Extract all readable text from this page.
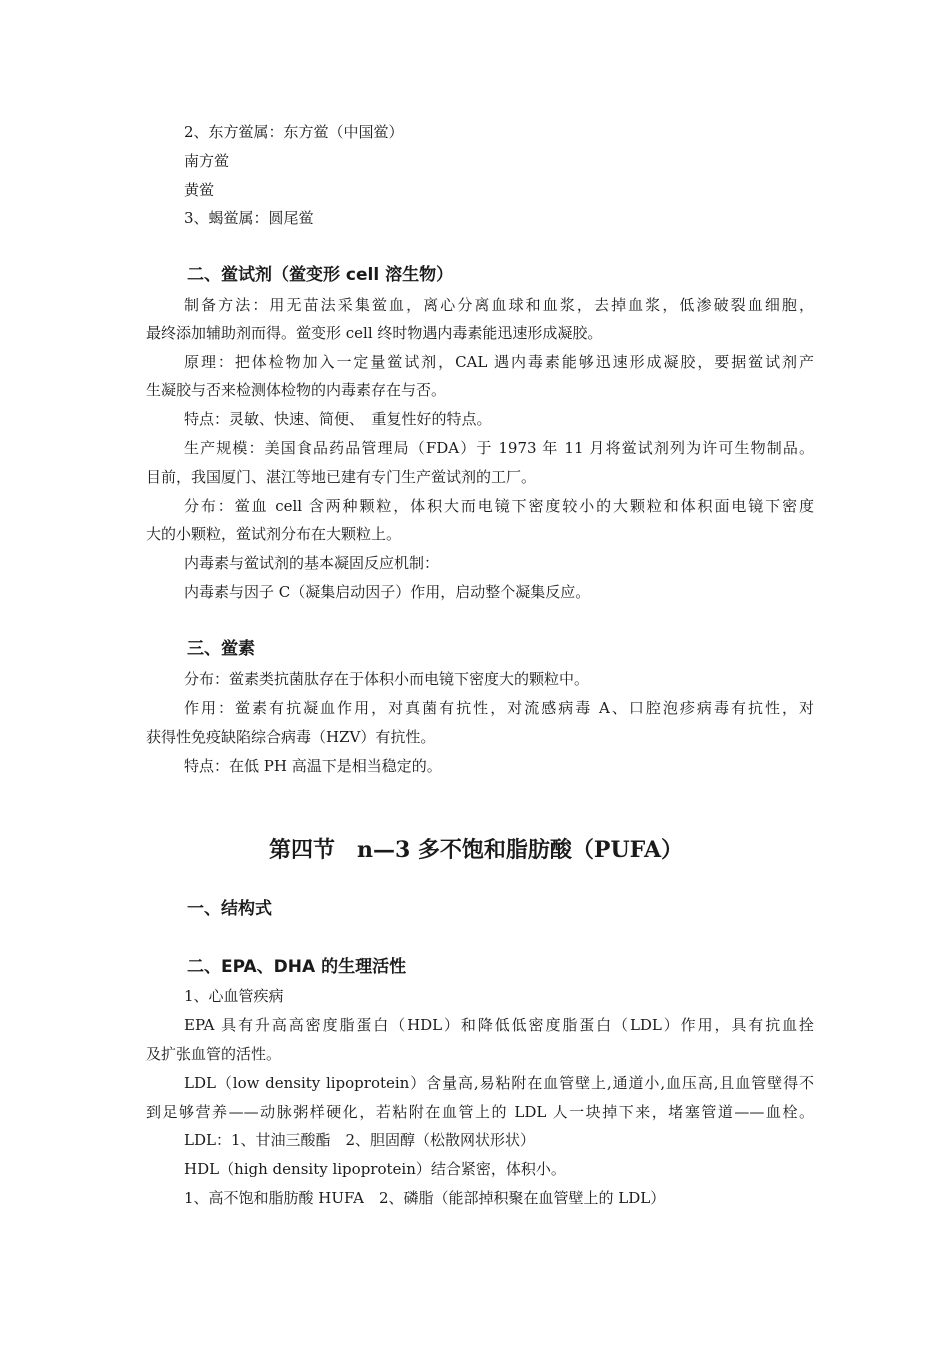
2、东方鲎属：东方鲎（中国鲎）
南方鲎
黄鲎
3、蝎鲎属：圆尾鲎
二、鲎试剂（鲎变形 cell 溶生物）
制备方法：用无苗法采集鲎血，离心分离血球和血浆，去掉血浆，低渗破裂血细胞，
最终添加辅助剂而得。鲎变形 cell 终时物遇内毒素能迅速形成凝胶。
原理：把体检物加入一定量鲎试剂，CAL 遇内毒素能够迅速形成凝胶，要据鲎试剂产
生凝胶与否来检测体检物的内毒素存在与否。
特点：灵敏、快速、简便、　重复性好的特点。
生产规模：美国食品药品管理局（FDA）于 1973 年 11 月将鲎试剂列为许可生物制品。
目前，我国厦门、湛江等地已建有专门生产鲎试剂的工厂。
分布：鲎血 cell 含两种颗粒，体积大而电镜下密度较小的大颗粒和体积面电镜下密度
大的小颗粒，鲎试剂分布在大颗粒上。
内毒素与鲎试剂的基本凝固反应机制：
内毒素与因子 C（凝集启动因子）作用，启动整个凝集反应。
三、鲎素
分布：鲎素类抗菌肽存在于体积小而电镜下密度大的颗粒中。
作用：鲎素有抗凝血作用，对真菌有抗性，对流感病毒 A、口腔泡疹病毒有抗性，对
获得性免疫缺陷综合病毒（HZV）有抗性。
特点：在低 PH 高温下是相当稳定的。
第四节　n—3 多不饱和脂肪酸（PUFA）
一、结构式
二、EPA、DHA 的生理活性
1、心血管疾病
EPA 具有升高高密度脂蛋白（HDL）和降低低密度脂蛋白（LDL）作用，具有抗血拴
及扩张血管的活性。
LDL（low density lipoprotein）含量高,易粘附在血管壁上,通道小,血压高,且血管壁得不
到足够营养——动脉粥样硬化，若粘附在血管上的 LDL 人一块掉下来，堵塞管道——血栓。
LDL：1、甘油三酸酯　2、胆固醇（松散网状形状）
HDL（high density lipoprotein）结合紧密，体积小。
1、高不饱和脂肪酸 HUFA　2、磷脂（能部掉积聚在血管壁上的 LDL）
